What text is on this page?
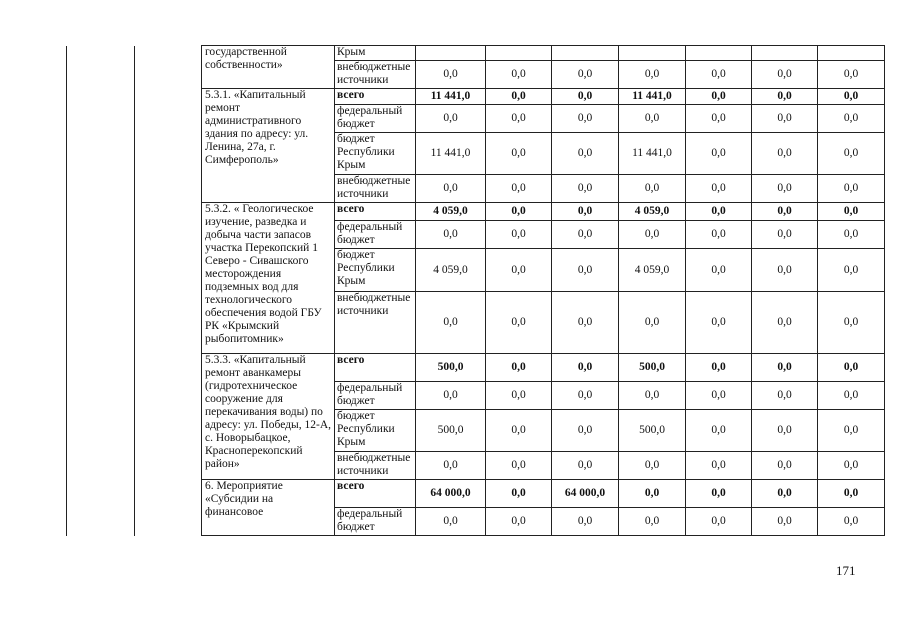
		государственной собственности»	Крым							
			внебюджетные источники	0,0	0,0	0,0	0,0	0,0	0,0	0,0
		5.3.1. «Капитальный ремонт административного здания по адресу: ул. Ленина, 27а, г. Симферополь»	всего	11 441,0	0,0	0,0	11 441,0	0,0	0,0	0,0
			федеральный бюджет	0,0	0,0	0,0	0,0	0,0	0,0	0,0
			бюджет Республики Крым	11 441,0	0,0	0,0	11 441,0	0,0	0,0	0,0
			внебюджетные источники	0,0	0,0	0,0	0,0	0,0	0,0	0,0
		5.3.2. « Геологическое изучение, разведка и добыча части запасов участка Перекопский 1 Северо - Сивашского месторождения подземных вод для технологического обеспечения водой ГБУ РК «Крымский рыбопитомник»	всего	4 059,0	0,0	0,0	4 059,0	0,0	0,0	0,0
			федеральный бюджет	0,0	0,0	0,0	0,0	0,0	0,0	0,0
			бюджет Республики Крым	4 059,0	0,0	0,0	4 059,0	0,0	0,0	0,0
			внебюджетные источники	0,0	0,0	0,0	0,0	0,0	0,0	0,0
		5.3.3. «Капитальный ремонт аванкамеры (гидротехническое сооружение для перекачивания воды) по адресу: ул. Победы, 12-А, с. Новорыбацкое, Красноперекопский район»	всего	500,0	0,0	0,0	500,0	0,0	0,0	0,0
			федеральный бюджет	0,0	0,0	0,0	0,0	0,0	0,0	0,0
			бюджет Республики Крым	500,0	0,0	0,0	500,0	0,0	0,0	0,0
			внебюджетные источники	0,0	0,0	0,0	0,0	0,0	0,0	0,0
		6. Мероприятие «Субсидии на финансовое	всего	64 000,0	0,0	64 000,0	0,0	0,0	0,0	0,0
			федеральный бюджет	0,0	0,0	0,0	0,0	0,0	0,0	0,0
171
